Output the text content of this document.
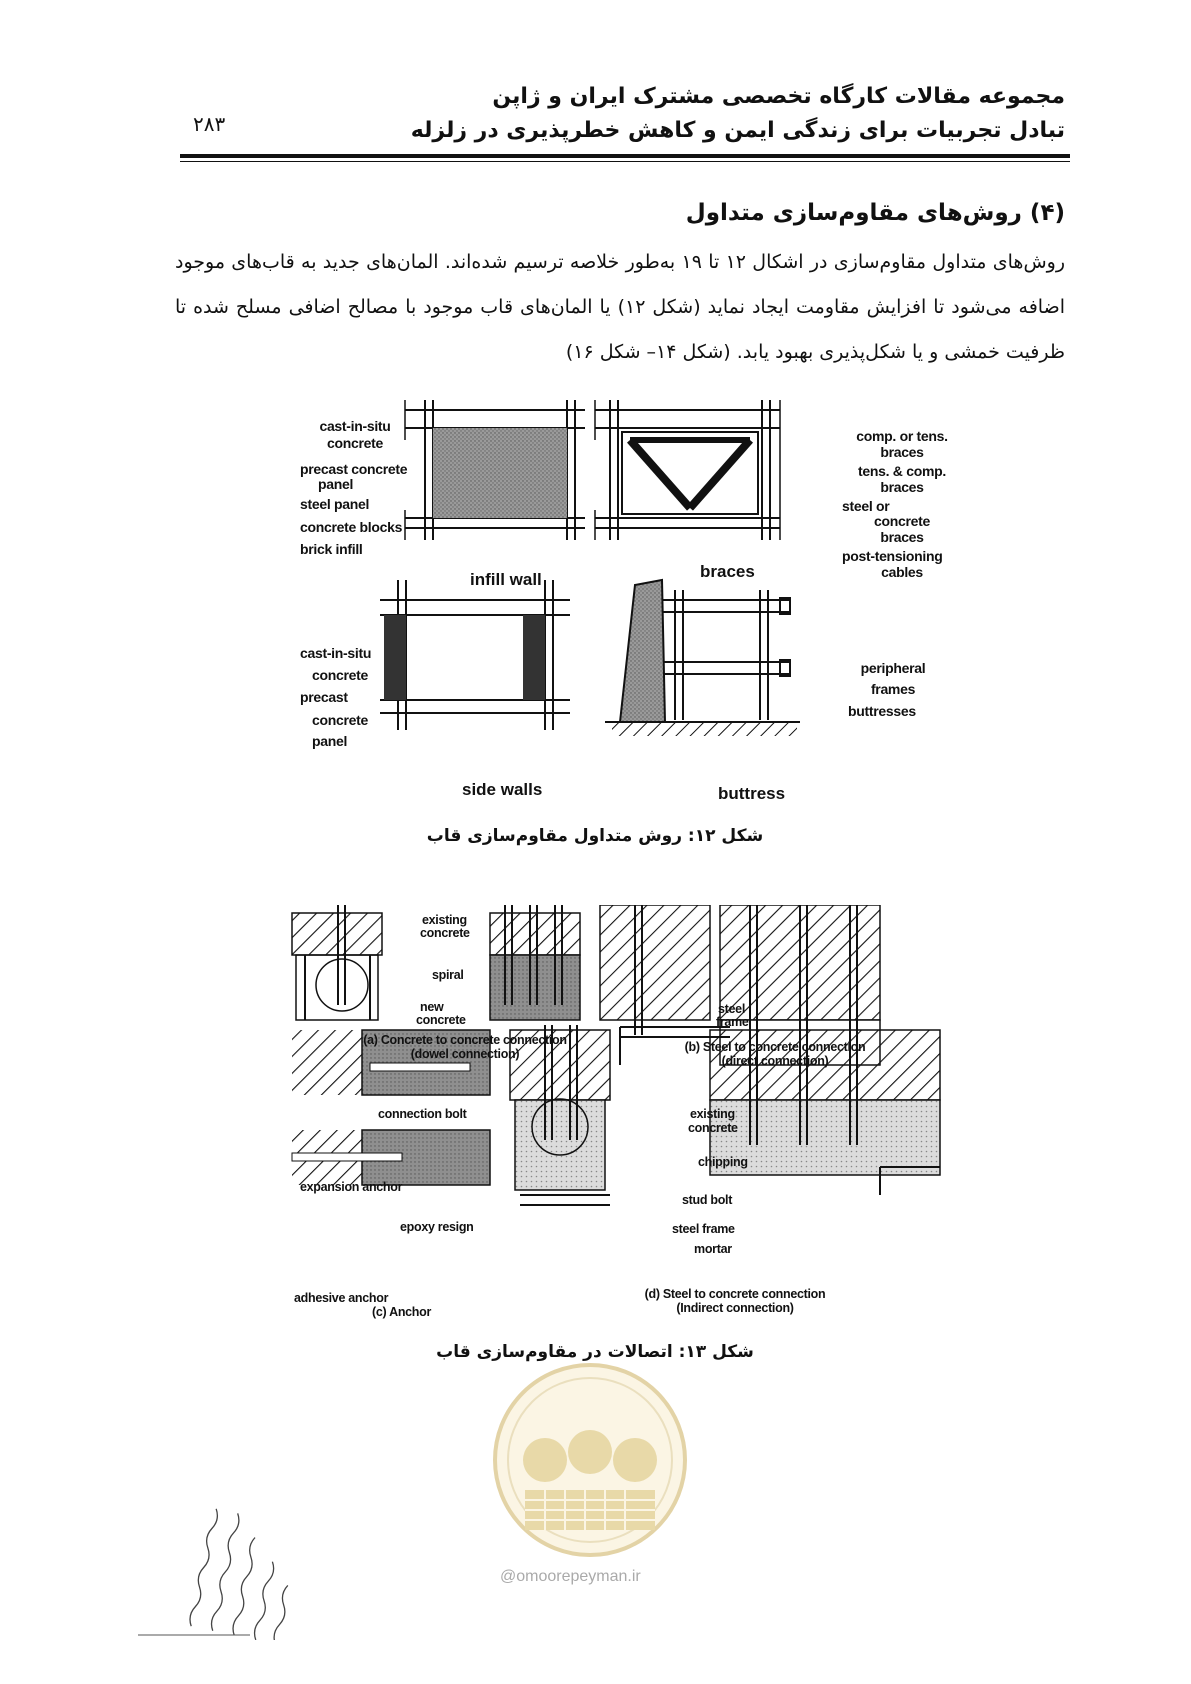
مجموعه مقالات کارگاه تخصصی مشترک ایران و ژاپن
تبادل تجربیات برای زندگی ایمن و کاهش خطرپذیری در زلزله
۲۸۳
(۴) روش‌های مقاوم‌سازی متداول
روش‌های متداول مقاوم‌سازی در اشکال ۱۲ تا ۱۹ به‌طور خلاصه ترسیم شده‌اند. المان‌های جدید به قاب‌های موجود اضافه می‌شود تا افزایش مقاومت ایجاد نماید (شکل ۱۲) یا المان‌های قاب موجود با مصالح اضافی مسلح شده تا ظرفیت خمشی و یا شکل‌پذیری بهبود یابد. (شکل ۱۴– شکل ۱۶)
cast-in-situ
concrete
precast concrete
panel
steel panel
concrete blocks
brick infill
infill wall
comp. or tens.
braces
tens. & comp.
braces
steel or
concrete
braces
post-tensioning
cables
braces
cast-in-situ
concrete
precast
concrete
panel
side walls
peripheral
frames
buttresses
buttress
شکل ۱۲: روش متداول مقاوم‌سازی قاب
existing
concrete
spiral
new
concrete
(a) Concrete to concrete connection
(dowel connection)
steel
frame
(b) Steel to concrete connection
(direct connection)
connection bolt
expansion anchor
epoxy resign
adhesive anchor
(c) Anchor
existing
concrete
chipping
stud bolt
steel frame
mortar
(d) Steel to concrete connection
(Indirect connection)
شکل ۱۳: اتصالات در مقاوم‌سازی قاب
@omoorepeyman.ir
